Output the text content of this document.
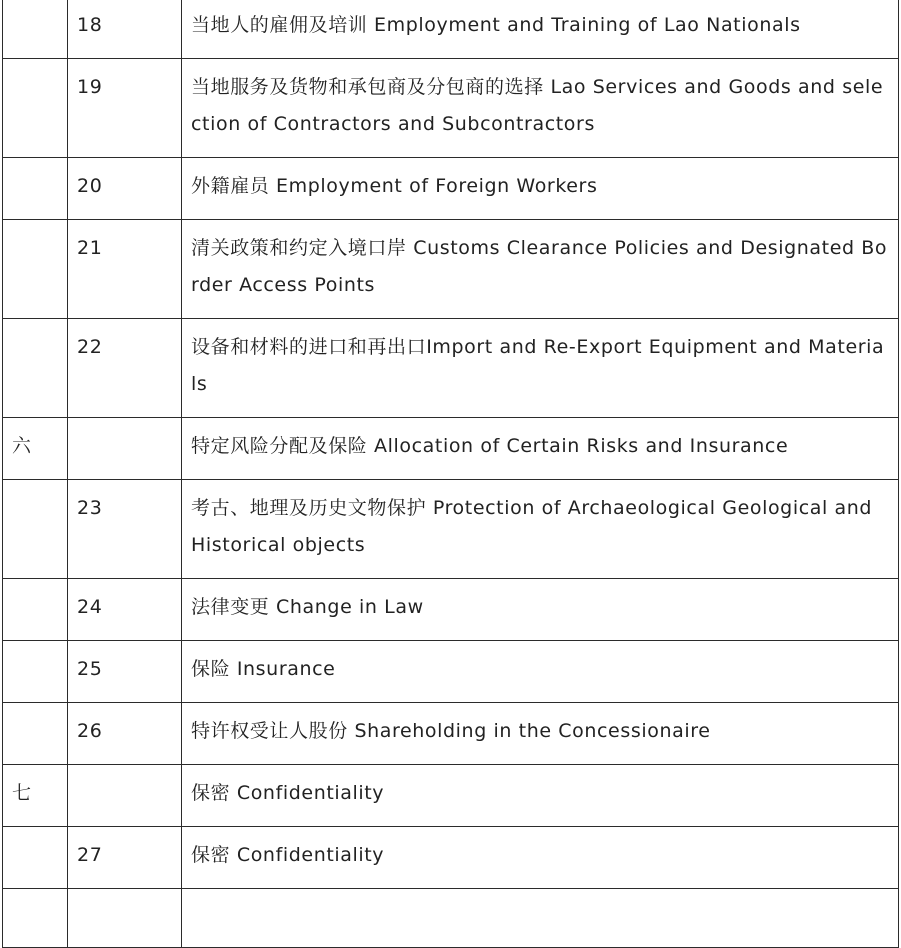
	18	当地人的雇佣及培训 Employment and Training of Lao Nationals
	19	当地服务及货物和承包商及分包商的选择 Lao Services and Goods and selection of Contractors and Subcontractors
	20	外籍雇员 Employment of Foreign Workers
	21	清关政策和约定入境口岸 Customs Clearance Policies and Designated Border Access Points
	22	设备和材料的进口和再出口Import and Re-Export Equipment and Materials
六		特定风险分配及保险 Allocation of Certain Risks and Insurance
	23	考古、地理及历史文物保护 Protection of Archaeological Geological and Historical objects
	24	法律变更 Change in Law
	25	保险 Insurance
	26	特许权受让人股份 Shareholding in the Concessionaire
七		保密 Confidentiality
	27	保密 Confidentiality
